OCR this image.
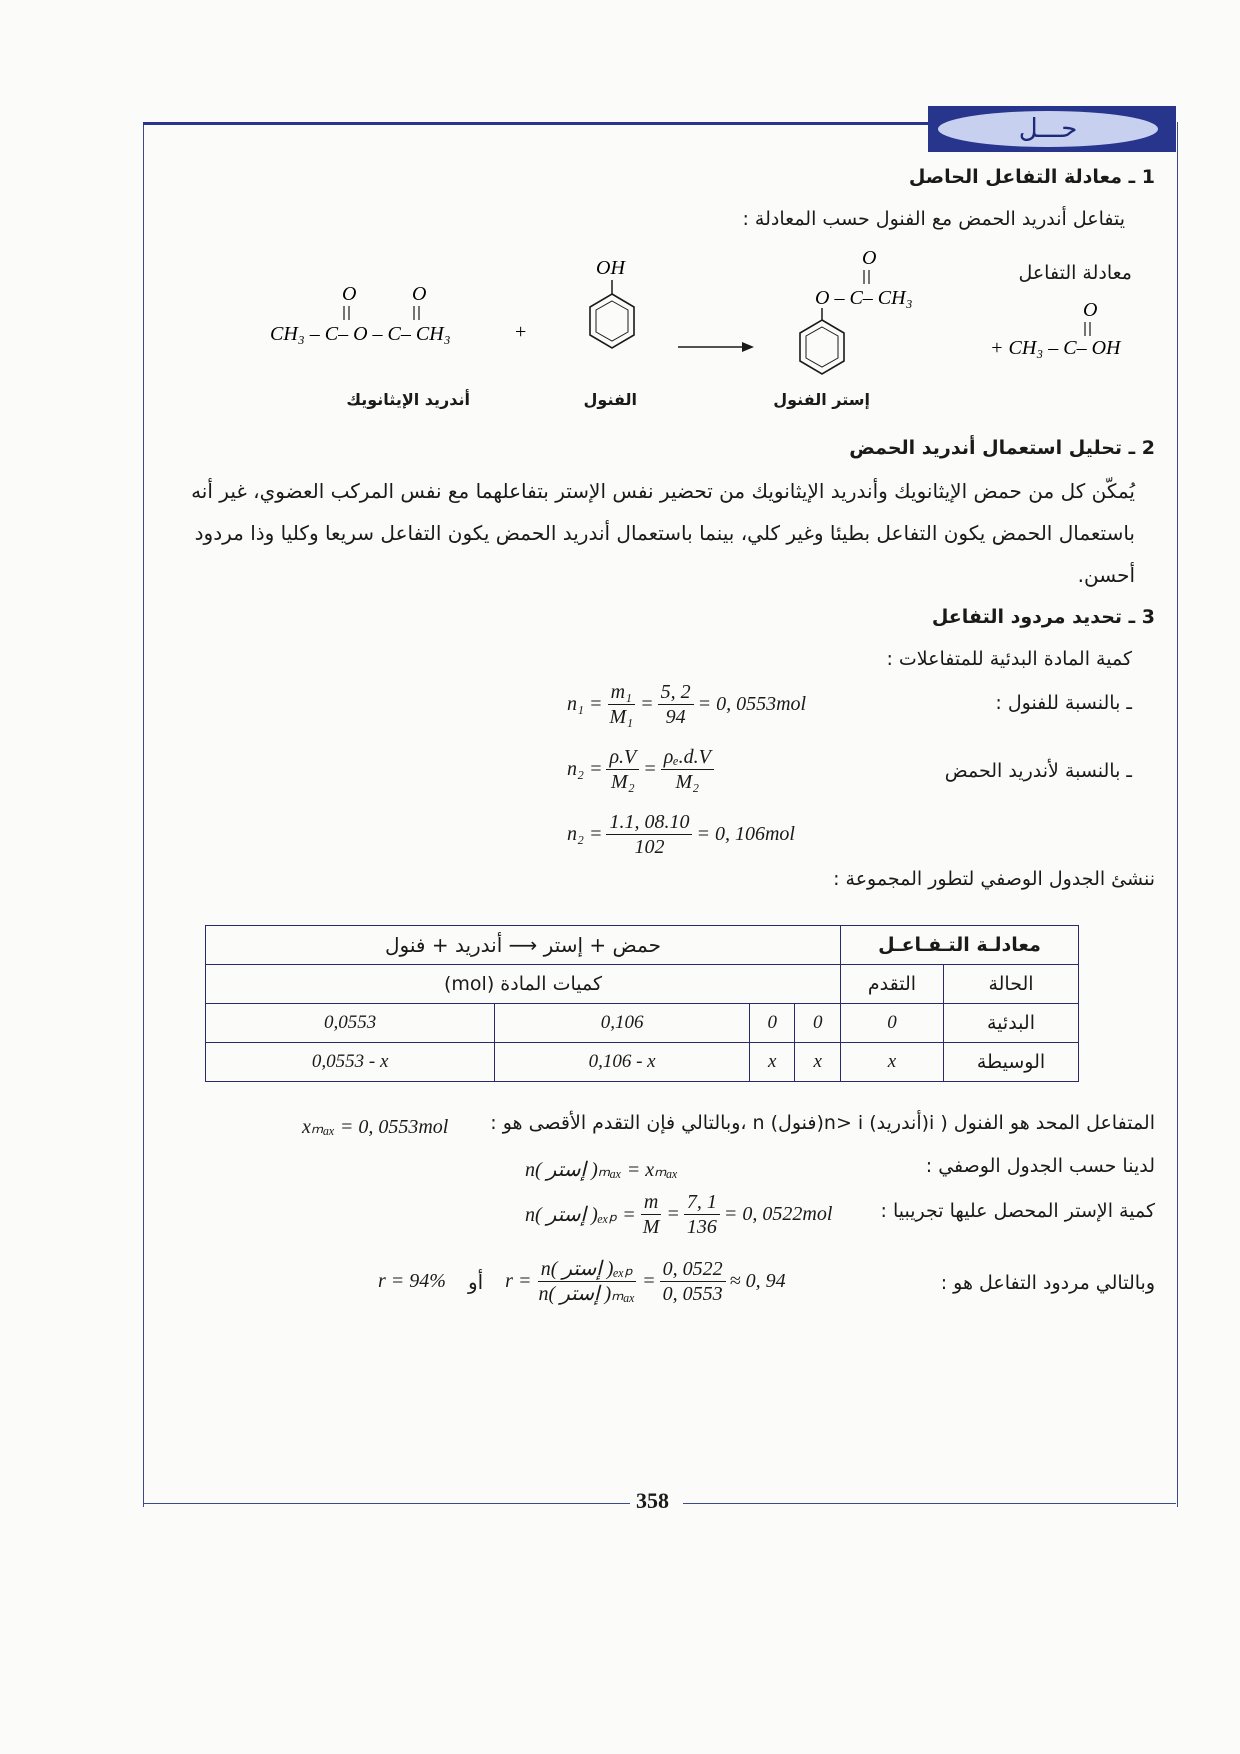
حـــل
1 ـ معادلة التفاعل الحاصل
يتفاعل أندريد الحمض مع الفنول حسب المعادلة :
معادلة التفاعل
O	O
CH₃ – C– O – C– CH₃	+
OH	O
O – C– CH₃
O
+ CH₃ – C– OH
أندريد الإيثانويك	الفنول	إستر الفنول
2 ـ تحليل استعمال أندريد الحمض
يُمكّن كل من حمض الإيثانويك وأندريد الإيثانويك من تحضير نفس الإستر بتفاعلهما مع نفس المركب العضوي، غير أنه
باستعمال الحمض يكون التفاعل بطيئا وغير كلي، بينما باستعمال أندريد الحمض يكون التفاعل سريعا وكليا وذا مردود
أحسن.
3 ـ تحديد مردود التفاعل
كمية المادة البدئية للمتفاعلات :
ـ بالنسبة للفنول :
$n_1 = \frac{\text{m₁}}{\text{M₁}} = \frac{5, 2}{94} = 0$, 0553mol
ـ بالنسبة لأندريد الحمض
$n_2 = \frac{\rho.V}{\text{M₂}} = \frac{\text{ρₑ.d.V}}{\text{M₂}}$
$n_2 = \frac{1.1, 08.10}{102} = 0$, 106mol
ننشئ الجدول الوصفي لتطور المجموعة :
حمض + إستر ⟶ أندريد + فنول				معادلـة التـفـاعـل	
كميات المادة (mol)				التقدم	الحالة
0,0553	0,106	0	0	0	البدئية
0,0553 - x	0,106 - x	x	x	x	الوسيطة
المتفاعل المحد هو الفنول ( i(أندريد) n> i(فنول) n ،وبالتالي فإن التقدم الأقصى هو :
xₘₐₓ = 0, 0553mol
لدينا حسب الجدول الوصفي :
n( إستر )ₘₐₓ = xₘₐₓ
كمية الإستر المحصل عليها تجريبيا :
n( إستر )$_{exp} = \frac{m}{M} = \frac{7, 1}{136} = 0$, 0522mol
وبالتالي مردود التفاعل هو :
r = 94% أو $r = \frac{\text{n( إستر )ₑₓₚ}}{\text{n( إستر )ₘₐₓ}} = \frac{0, 0522}{0, 0553} \approx 0$, 94
358
